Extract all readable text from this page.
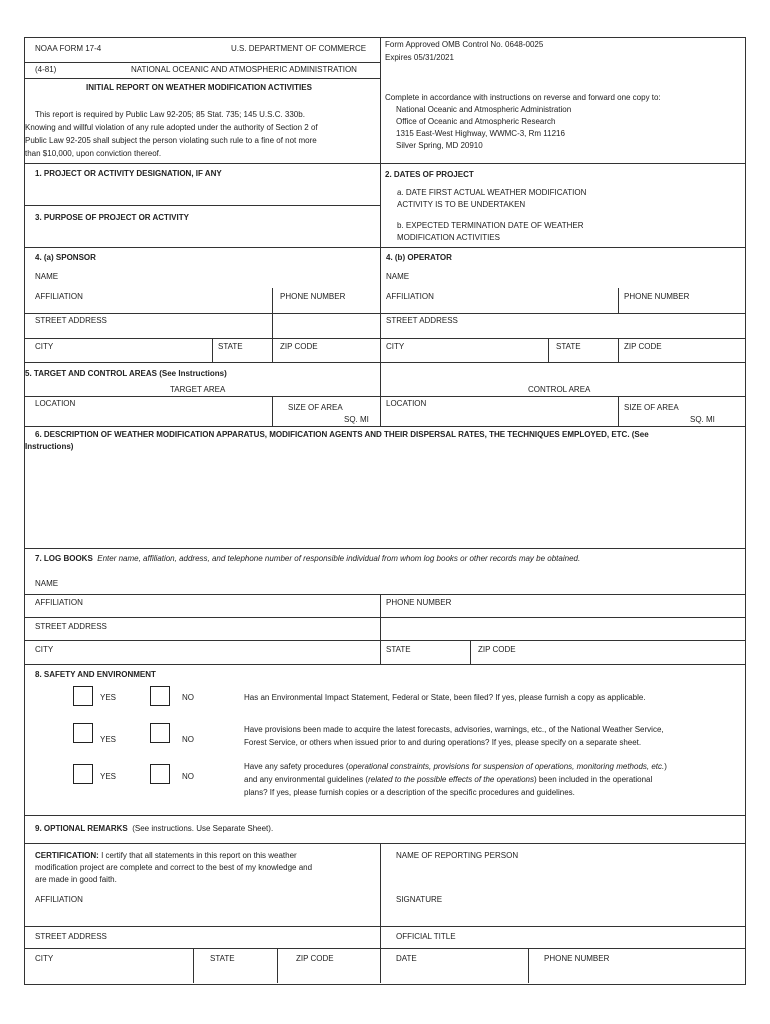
NOAA FORM 17-4	U.S. DEPARTMENT OF COMMERCE
(4-81)	NATIONAL OCEANIC AND ATMOSPHERIC ADMINISTRATION
INITIAL REPORT ON WEATHER MODIFICATION ACTIVITIES
This report is required by Public Law 92-205; 85 Stat. 735; 145 U.S.C. 330b.
Knowing and willful violation of any rule adopted under the authority of Section 2 of
Public Law 92-205 shall subject the person violating such rule to a fine of not more
than $10,000, upon conviction thereof.
Form Approved OMB Control No. 0648-0025
Expires 05/31/2021
Complete in accordance with instructions on reverse and forward one copy to:
National Oceanic and Atmospheric Administration
Office of Oceanic and Atmospheric Research
1315 East-West Highway, WWMC-3, Rm 11216
Silver Spring, MD 20910
1. PROJECT OR ACTIVITY DESIGNATION, IF ANY	2. DATES OF PROJECT
a. DATE FIRST ACTUAL WEATHER MODIFICATION
ACTIVITY IS TO BE UNDERTAKEN
3. PURPOSE OF PROJECT OR ACTIVITY
b. EXPECTED TERMINATION DATE OF WEATHER
MODIFICATION ACTIVITIES
4. (a) SPONSOR	4. (b) OPERATOR
NAME	NAME
AFFILIATION	PHONE NUMBER	AFFILIATION	PHONE NUMBER
STREET ADDRESS	STREET ADDRESS
CITY	STATE	ZIP CODE	CITY	STATE	ZIP CODE
5. TARGET AND CONTROL AREAS (See Instructions)
TARGET AREA	CONTROL AREA
LOCATION	SIZE OF AREA
SQ. MI
LOCATION	SIZE OF AREA
SQ. MI
6. DESCRIPTION OF WEATHER MODIFICATION APPARATUS, MODIFICATION AGENTS AND THEIR DISPERSAL RATES, THE TECHNIQUES EMPLOYED, ETC. (See
Instructions)
7. LOG BOOKS Enter name, affiliation, address, and telephone number of responsible individual from whom log books or other records may be obtained.
NAME
AFFILIATION	PHONE NUMBER
STREET ADDRESS
CITY	STATE	ZIP CODE
8. SAFETY AND ENVIRONMENT
YES	NO	Has an Environmental Impact Statement, Federal or State, been filed? If yes, please furnish a copy as applicable.
YES	NO
Have provisions been made to acquire the latest forecasts, advisories, warnings, etc., of the National Weather Service,
Forest Service, or others when issued prior to and during operations? If yes, please specify on a separate sheet.
YES	NO
Have any safety procedures (operational constraints, provisions for suspension of operations, monitoring methods, etc.)
and any environmental guidelines (related to the possible effects of the operations) been included in the operational
plans? If yes, please furnish copies or a description of the specific procedures and guidelines.
9. OPTIONAL REMARKS (See instructions. Use Separate Sheet).
CERTIFICATION: I certify that all statements in this report on this weather
modification project are complete and correct to the best of my knowledge and
are made in good faith.
NAME OF REPORTING PERSON
AFFILIATION	SIGNATURE
STREET ADDRESS	OFFICIAL TITLE
CITY	STATE	ZIP CODE	DATE	PHONE NUMBER
